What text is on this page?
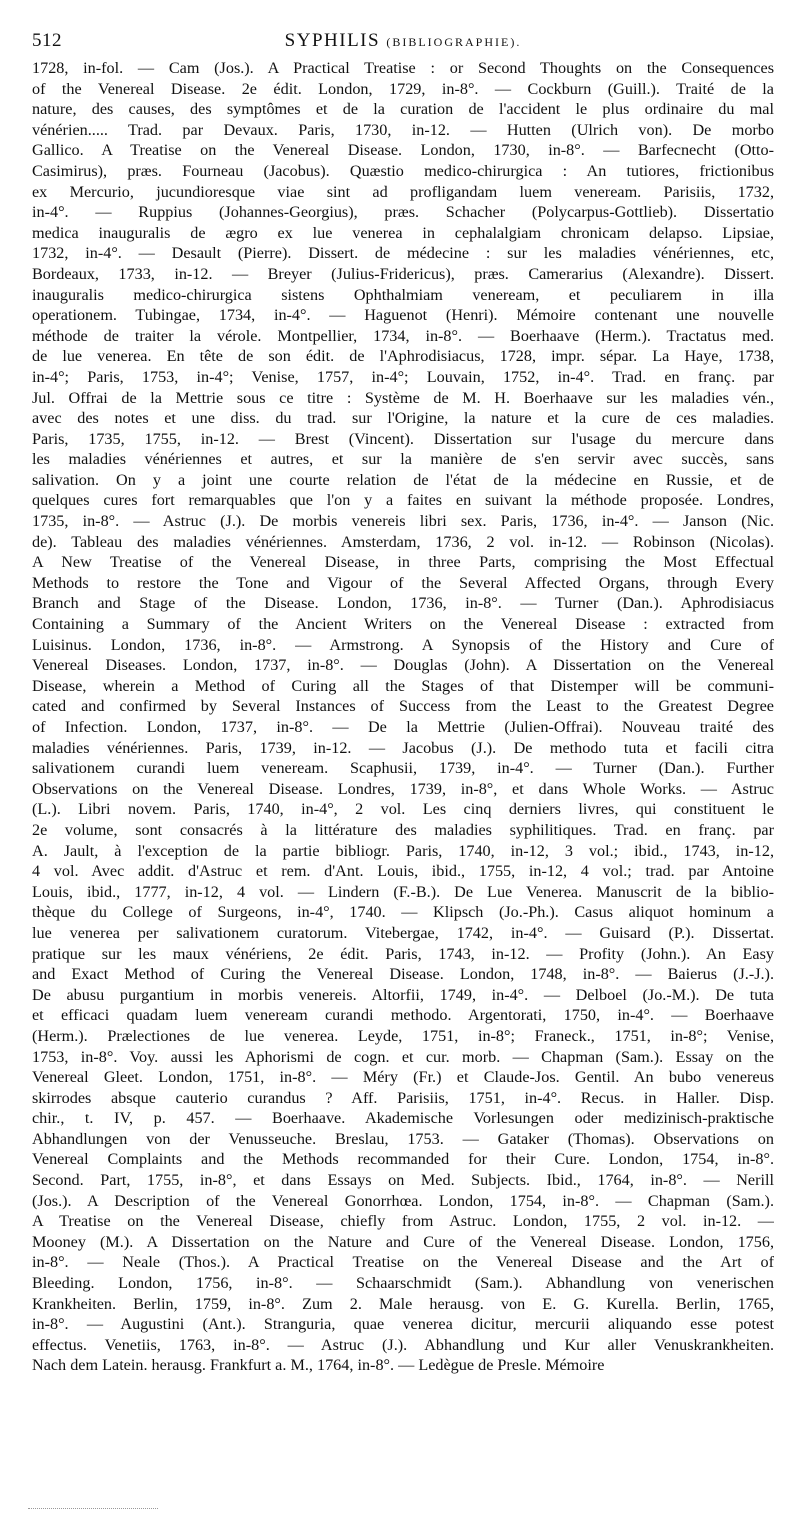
512	SYPHILIS (BIBLIOGRAPHIE).
1728, in-fol. — Cam (Jos.). A Practical Treatise : or Second Thoughts on the Consequences
of the Venereal Disease. 2e édit. London, 1729, in-8°. — Cockburn (Guill.). Traité de la
nature, des causes, des symptômes et de la curation de l'accident le plus ordinaire du mal
vénérien..... Trad. par Devaux. Paris, 1730, in-12. — Hutten (Ulrich von). De morbo
Gallico. A Treatise on the Venereal Disease. London, 1730, in-8°. — Barfecnecht (Otto-
Casimirus), præs. Fourneau (Jacobus). Quæstio medico-chirurgica : An tutiores, frictionibus
ex Mercurio, jucundioresque viae sint ad profligandam luem veneream. Parisiis, 1732,
in-4°. — Ruppius (Johannes-Georgius), præs. Schacher (Polycarpus-Gottlieb). Dissertatio
medica inauguralis de ægro ex lue venerea in cephalalgiam chronicam delapso. Lipsiae,
1732, in-4°. — Desault (Pierre). Dissert. de médecine : sur les maladies vénériennes, etc,
Bordeaux, 1733, in-12. — Breyer (Julius-Fridericus), præs. Camerarius (Alexandre). Dissert.
inauguralis medico-chirurgica sistens Ophthalmiam veneream, et peculiarem in illa
operationem. Tubingae, 1734, in-4°. — Haguenot (Henri). Mémoire contenant une nouvelle
méthode de traiter la vérole. Montpellier, 1734, in-8°. — Boerhaave (Herm.). Tractatus med.
de lue venerea. En tête de son édit. de l'Aphrodisiacus, 1728, impr. sépar. La Haye, 1738,
in-4°; Paris, 1753, in-4°; Venise, 1757, in-4°; Louvain, 1752, in-4°. Trad. en franç. par
Jul. Offrai de la Mettrie sous ce titre : Système de M. H. Boerhaave sur les maladies vén.,
avec des notes et une diss. du trad. sur l'Origine, la nature et la cure de ces maladies.
Paris, 1735, 1755, in-12. — Brest (Vincent). Dissertation sur l'usage du mercure dans
les maladies vénériennes et autres, et sur la manière de s'en servir avec succès, sans
salivation. On y a joint une courte relation de l'état de la médecine en Russie, et de
quelques cures fort remarquables que l'on y a faites en suivant la méthode proposée. Londres,
1735, in-8°. — Astruc (J.). De morbis venereis libri sex. Paris, 1736, in-4°. — Janson (Nic.
de). Tableau des maladies vénériennes. Amsterdam, 1736, 2 vol. in-12. — Robinson (Nicolas).
A New Treatise of the Venereal Disease, in three Parts, comprising the Most Effectual
Methods to restore the Tone and Vigour of the Several Affected Organs, through Every
Branch and Stage of the Disease. London, 1736, in-8°. — Turner (Dan.). Aphrodisiacus
Containing a Summary of the Ancient Writers on the Venereal Disease : extracted from
Luisinus. London, 1736, in-8°. — Armstrong. A Synopsis of the History and Cure of
Venereal Diseases. London, 1737, in-8°. — Douglas (John). A Dissertation on the Venereal
Disease, wherein a Method of Curing all the Stages of that Distemper will be communi-
cated and confirmed by Several Instances of Success from the Least to the Greatest Degree
of Infection. London, 1737, in-8°. — De la Mettrie (Julien-Offrai). Nouveau traité des
maladies vénériennes. Paris, 1739, in-12. — Jacobus (J.). De methodo tuta et facili citra
salivationem curandi luem veneream. Scaphusii, 1739, in-4°. — Turner (Dan.). Further
Observations on the Venereal Disease. Londres, 1739, in-8°, et dans Whole Works. — Astruc
(L.). Libri novem. Paris, 1740, in-4°, 2 vol. Les cinq derniers livres, qui constituent le
2e volume, sont consacrés à la littérature des maladies syphilitiques. Trad. en franç. par
A. Jault, à l'exception de la partie bibliogr. Paris, 1740, in-12, 3 vol.; ibid., 1743, in-12,
4 vol. Avec addit. d'Astruc et rem. d'Ant. Louis, ibid., 1755, in-12, 4 vol.; trad. par Antoine
Louis, ibid., 1777, in-12, 4 vol. — Lindern (F.-B.). De Lue Venerea. Manuscrit de la biblio-
thèque du College of Surgeons, in-4°, 1740. — Klipsch (Jo.-Ph.). Casus aliquot hominum a
lue venerea per salivationem curatorum. Vitebergae, 1742, in-4°. — Guisard (P.). Dissertat.
pratique sur les maux vénériens, 2e édit. Paris, 1743, in-12. — Profity (John.). An Easy
and Exact Method of Curing the Venereal Disease. London, 1748, in-8°. — Baierus (J.-J.).
De abusu purgantium in morbis venereis. Altorfii, 1749, in-4°. — Delboel (Jo.-M.). De tuta
et efficaci quadam luem veneream curandi methodo. Argentorati, 1750, in-4°. — Boerhaave
(Herm.). Prælectiones de lue venerea. Leyde, 1751, in-8°; Franeck., 1751, in-8°; Venise,
1753, in-8°. Voy. aussi les Aphorismi de cogn. et cur. morb. — Chapman (Sam.). Essay on the
Venereal Gleet. London, 1751, in-8°. — Méry (Fr.) et Claude-Jos. Gentil. An bubo venereus
skirrodes absque cauterio curandus ? Aff. Parisiis, 1751, in-4°. Recus. in Haller. Disp.
chir., t. IV, p. 457. — Boerhaave. Akademische Vorlesungen oder medizinisch-praktische
Abhandlungen von der Venusseuche. Breslau, 1753. — Gataker (Thomas). Observations on
Venereal Complaints and the Methods recommanded for their Cure. London, 1754, in-8°.
Second. Part, 1755, in-8°, et dans Essays on Med. Subjects. Ibid., 1764, in-8°. — Nerill
(Jos.). A Description of the Venereal Gonorrhœa. London, 1754, in-8°. — Chapman (Sam.).
A Treatise on the Venereal Disease, chiefly from Astruc. London, 1755, 2 vol. in-12. —
Mooney (M.). A Dissertation on the Nature and Cure of the Venereal Disease. London, 1756,
in-8°. — Neale (Thos.). A Practical Treatise on the Venereal Disease and the Art of
Bleeding. London, 1756, in-8°. — Schaarschmidt (Sam.). Abhandlung von venerischen
Krankheiten. Berlin, 1759, in-8°. Zum 2. Male herausg. von E. G. Kurella. Berlin, 1765,
in-8°. — Augustini (Ant.). Stranguria, quae venerea dicitur, mercurii aliquando esse potest
effectus. Venetiis, 1763, in-8°. — Astruc (J.). Abhandlung und Kur aller Venuskrankheiten.
Nach dem Latein. herausg. Frankfurt a. M., 1764, in-8°. — Ledègue de Presle. Mémoire
